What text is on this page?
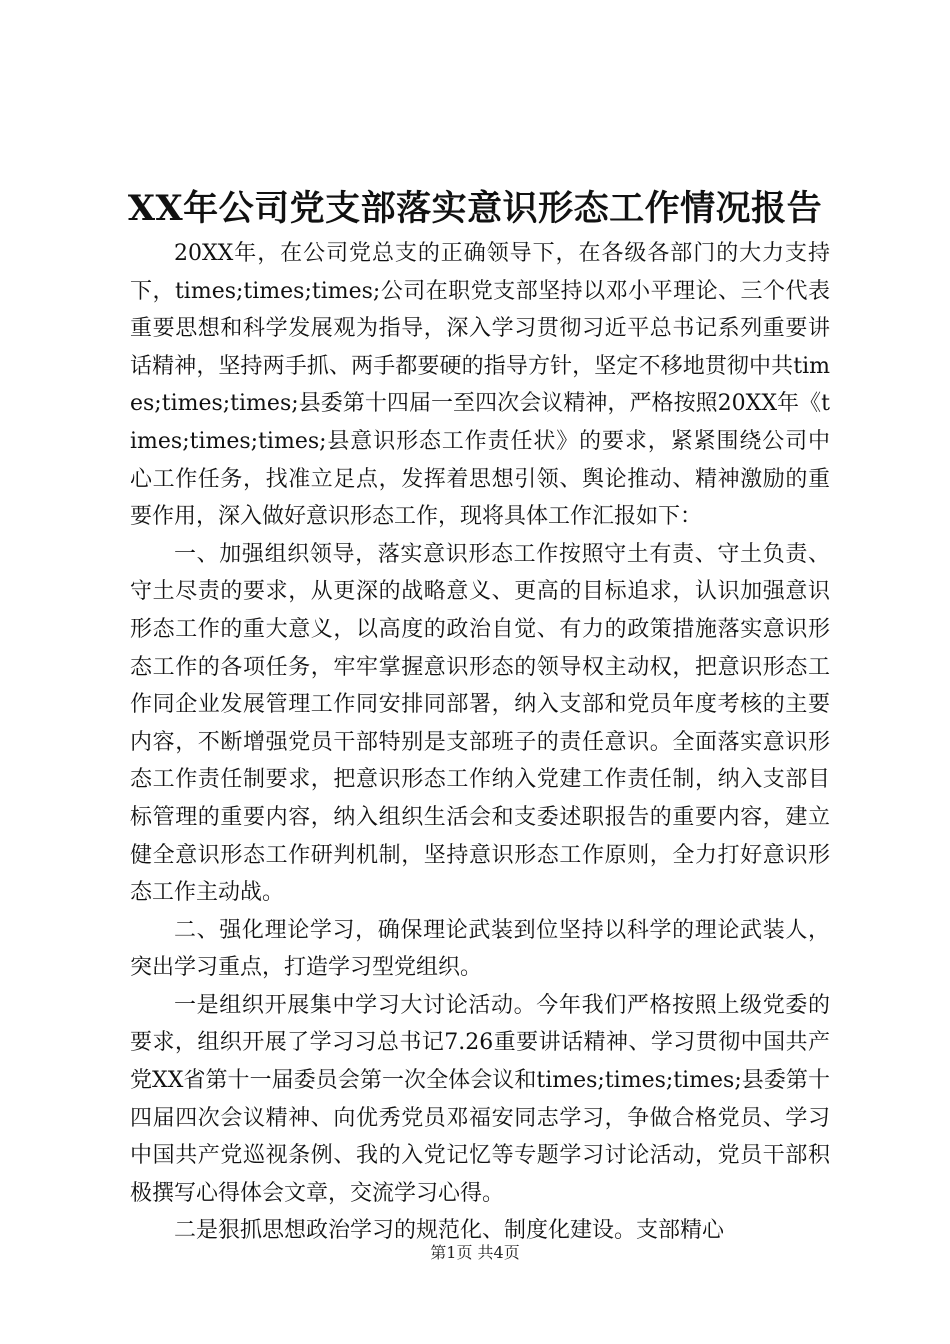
XX年公司党支部落实意识形态工作情况报告

20XX年，在公司党总支的正确领导下，在各级各部门的大力支持下，times;times;times;公司在职党支部坚持以邓小平理论、三个代表重要思想和科学发展观为指导，深入学习贯彻习近平总书记系列重要讲话精神，坚持两手抓、两手都要硬的指导方针，坚定不移地贯彻中共times;times;times;县委第十四届一至四次会议精神，严格按照20XX年《times;times;times;县意识形态工作责任状》的要求，紧紧围绕公司中心工作任务，找准立足点，发挥着思想引领、舆论推动、精神激励的重要作用，深入做好意识形态工作，现将具体工作汇报如下：

一、加强组织领导，落实意识形态工作按照守土有责、守土负责、守土尽责的要求，从更深的战略意义、更高的目标追求，认识加强意识形态工作的重大意义，以高度的政治自觉、有力的政策措施落实意识形态工作的各项任务，牢牢掌握意识形态的领导权主动权，把意识形态工作同企业发展管理工作同安排同部署，纳入支部和党员年度考核的主要内容，不断增强党员干部特别是支部班子的责任意识。全面落实意识形态工作责任制要求，把意识形态工作纳入党建工作责任制，纳入支部目标管理的重要内容，纳入组织生活会和支委述职报告的重要内容，建立健全意识形态工作研判机制，坚持意识形态工作原则，全力打好意识形态工作主动战。

二、强化理论学习，确保理论武装到位坚持以科学的理论武装人，突出学习重点，打造学习型党组织。

一是组织开展集中学习大讨论活动。今年我们严格按照上级党委的要求，组织开展了学习习总书记7.26重要讲话精神、学习贯彻中国共产党XX省第十一届委员会第一次全体会议和times;times;times;县委第十四届四次会议精神、向优秀党员邓福安同志学习，争做合格党员、学习中国共产党巡视条例、我的入党记忆等专题学习讨论活动，党员干部积极撰写心得体会文章，交流学习心得。

二是狠抓思想政治学习的规范化、制度化建设。支部精心

第1页 共4页
